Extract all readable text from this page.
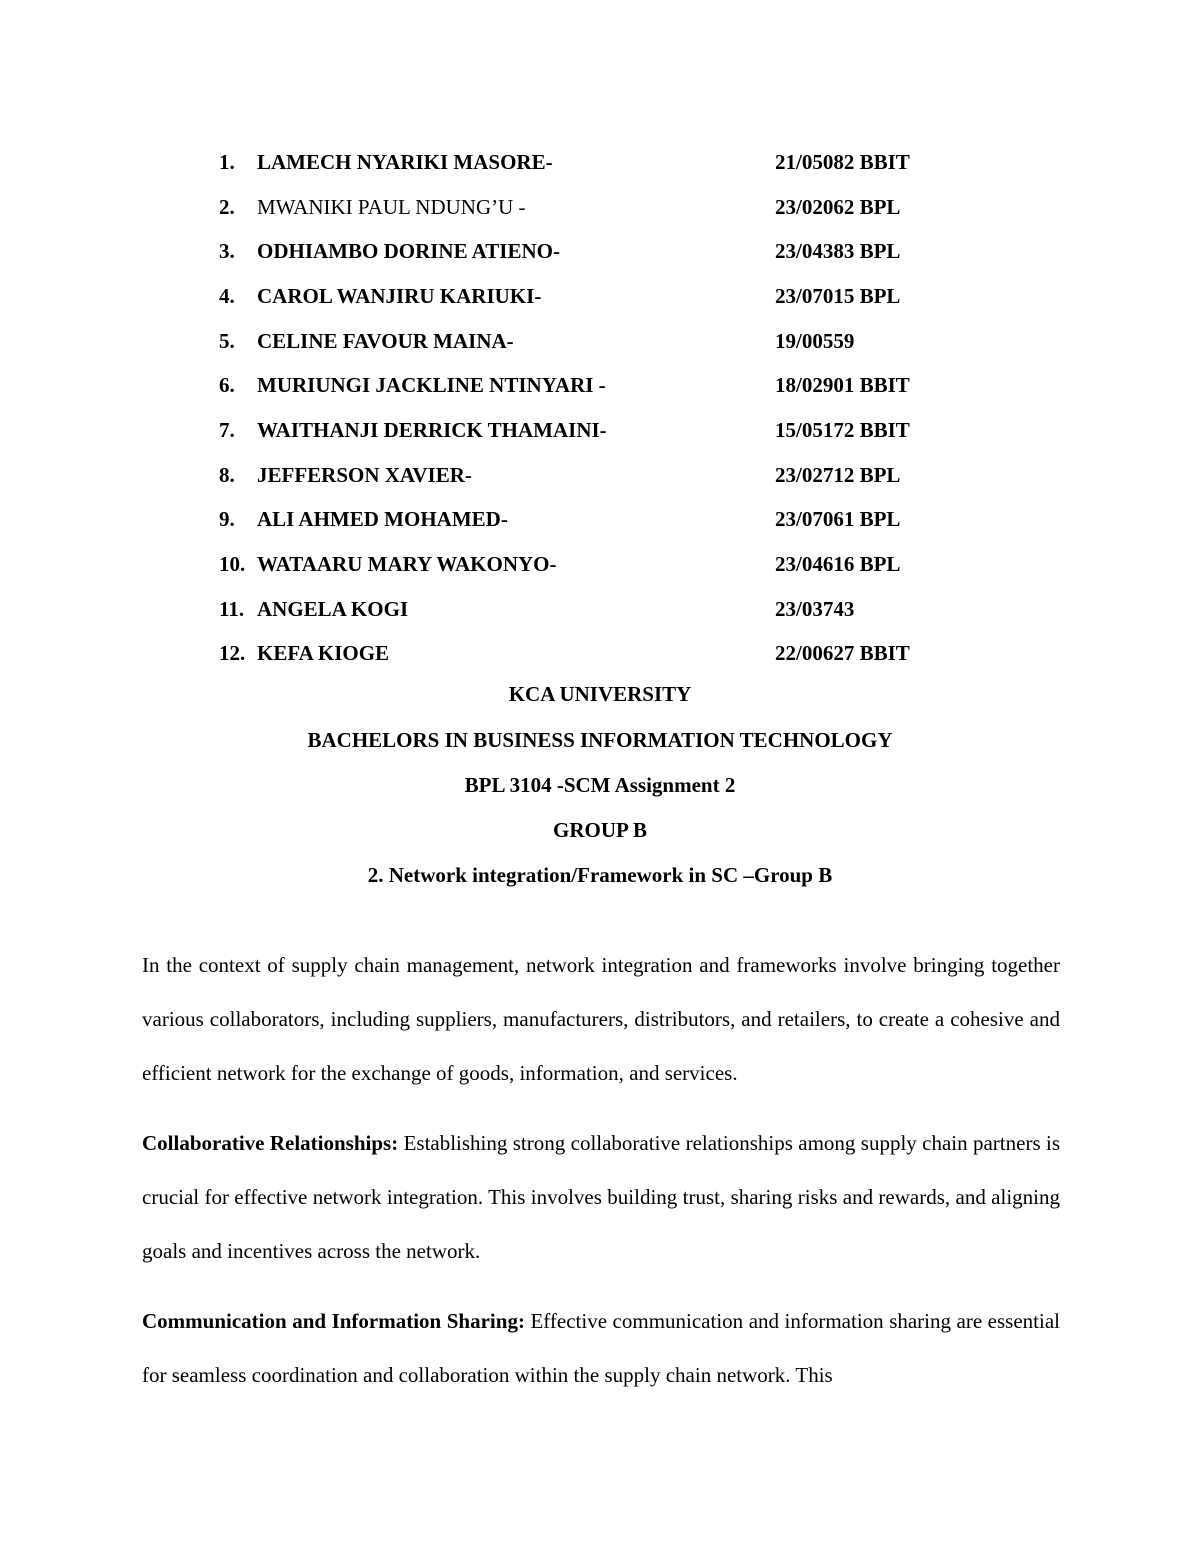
1.	LAMECH NYARIKI MASORE-	21/05082 BBIT
2.	MWANIKI PAUL NDUNG’U -	23/02062 BPL
3.	ODHIAMBO DORINE ATIENO-	23/04383 BPL
4.	CAROL WANJIRU KARIUKI-	23/07015 BPL
5.	CELINE FAVOUR MAINA-	19/00559
6.	MURIUNGI JACKLINE NTINYARI -	18/02901 BBIT
7.	WAITHANJI DERRICK THAMAINI-	15/05172 BBIT
8.	JEFFERSON XAVIER-	23/02712 BPL
9.	ALI AHMED MOHAMED-	23/07061 BPL
10. WATAARU MARY WAKONYO-	23/04616 BPL
11. ANGELA KOGI	23/03743
12. KEFA KIOGE	22/00627 BBIT
KCA UNIVERSITY
BACHELORS IN BUSINESS INFORMATION TECHNOLOGY
BPL 3104 -SCM Assignment 2
GROUP B
2. Network integration/Framework in SC –Group B

In the context of supply chain management, network integration and frameworks involve bringing together various collaborators, including suppliers, manufacturers, distributors, and retailers, to create a cohesive and efficient network for the exchange of goods, information, and services.

Collaborative Relationships: Establishing strong collaborative relationships among supply chain partners is crucial for effective network integration. This involves building trust, sharing risks and rewards, and aligning goals and incentives across the network.

Communication and Information Sharing: Effective communication and information sharing are essential for seamless coordination and collaboration within the supply chain network. This
